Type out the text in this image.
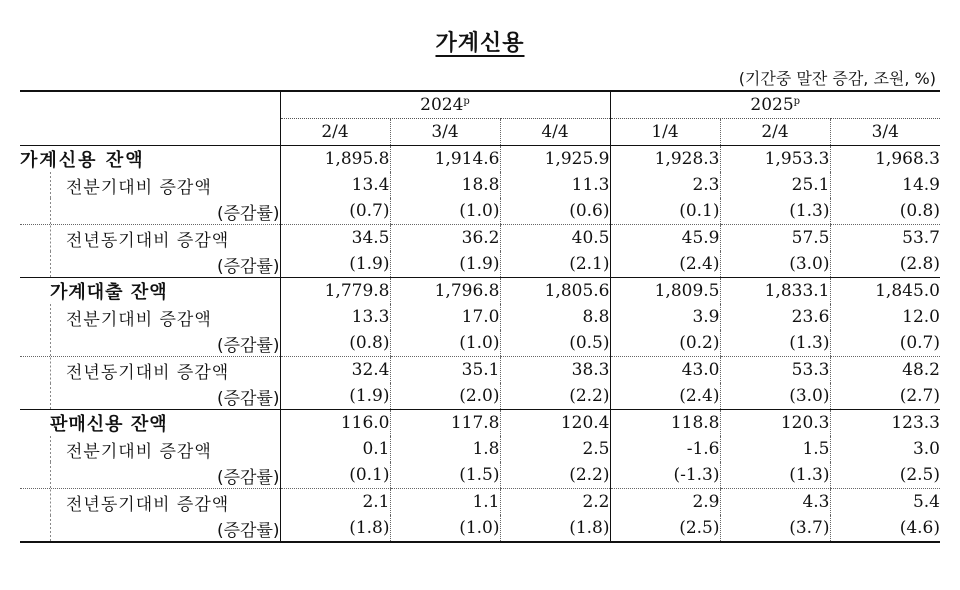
가계신용
(기간중 말잔 증감, 조원, %)
	2024$^p$			2025$^p$
	2/4	3/4	4/4	1/4	2/4	3/4
가계신용 잔액	1,895.8	1,914.6	1,925.9	1,928.3	1,953.3	1,968.3
전분기대비 증감액	13.4	18.8	11.3	2.3	25.1	14.9
(증감률)	(0.7)	(1.0)	(0.6)	(0.1)	(1.3)	(0.8)
전년동기대비 증감액	34.5	36.2	40.5	45.9	57.5	53.7
(증감률)	(1.9)	(1.9)	(2.1)	(2.4)	(3.0)	(2.8)
가계대출 잔액	1,779.8	1,796.8	1,805.6	1,809.5	1,833.1	1,845.0
전분기대비 증감액	13.3	17.0	8.8	3.9	23.6	12.0
(증감률)	(0.8)	(1.0)	(0.5)	(0.2)	(1.3)	(0.7)
전년동기대비 증감액	32.4	35.1	38.3	43.0	53.3	48.2
(증감률)	(1.9)	(2.0)	(2.2)	(2.4)	(3.0)	(2.7)
판매신용 잔액	116.0	117.8	120.4	118.8	120.3	123.3
전분기대비 증감액	0.1	1.8	2.5	-1.6	1.5	3.0
(증감률)	(0.1)	(1.5)	(2.2)	(-1.3)	(1.3)	(2.5)
전년동기대비 증감액	2.1	1.1	2.2	2.9	4.3	5.4
(증감률)	(1.8)	(1.0)	(1.8)	(2.5)	(3.7)	(4.6)
